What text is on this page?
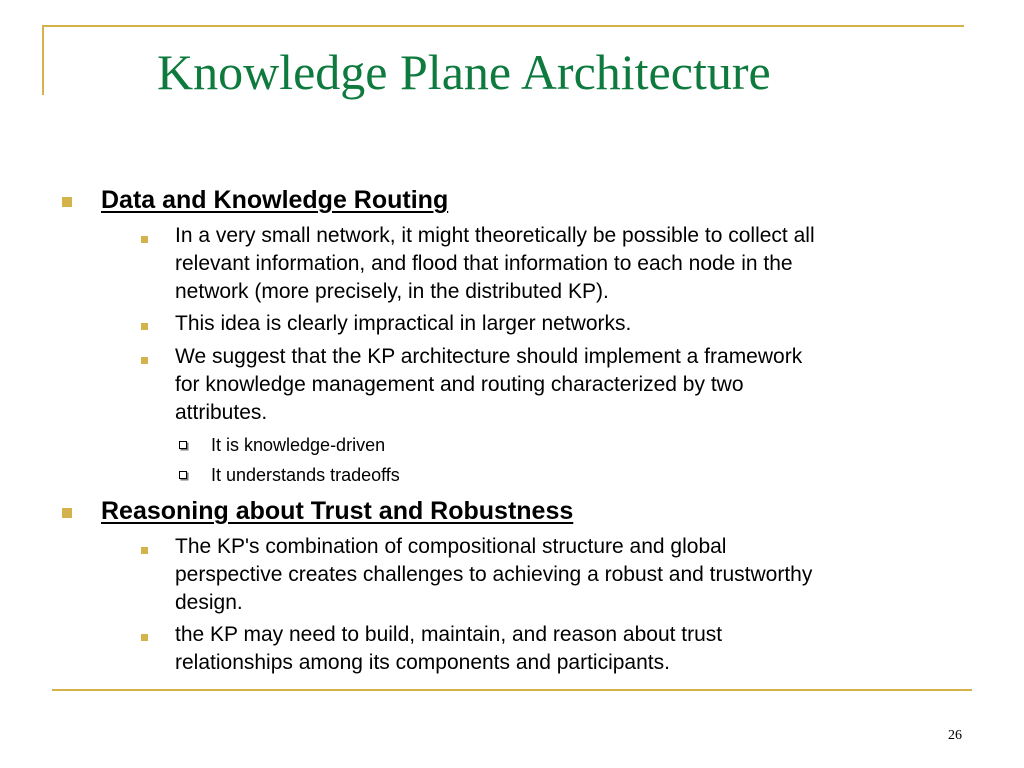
Knowledge Plane Architecture
Data and Knowledge Routing
In a very small network, it might theoretically be possible to collect all
relevant information, and flood that information to each node in the
network (more precisely, in the distributed KP).
This idea is clearly impractical in larger networks.
We suggest that the KP architecture should implement a framework
for knowledge management and routing characterized by two
attributes.
It is knowledge-driven
It understands tradeoffs
Reasoning about Trust and Robustness
The KP's combination of compositional structure and global
perspective creates challenges to achieving a robust and trustworthy
design.
the KP may need to build, maintain, and reason about trust
relationships among its components and participants.
26
